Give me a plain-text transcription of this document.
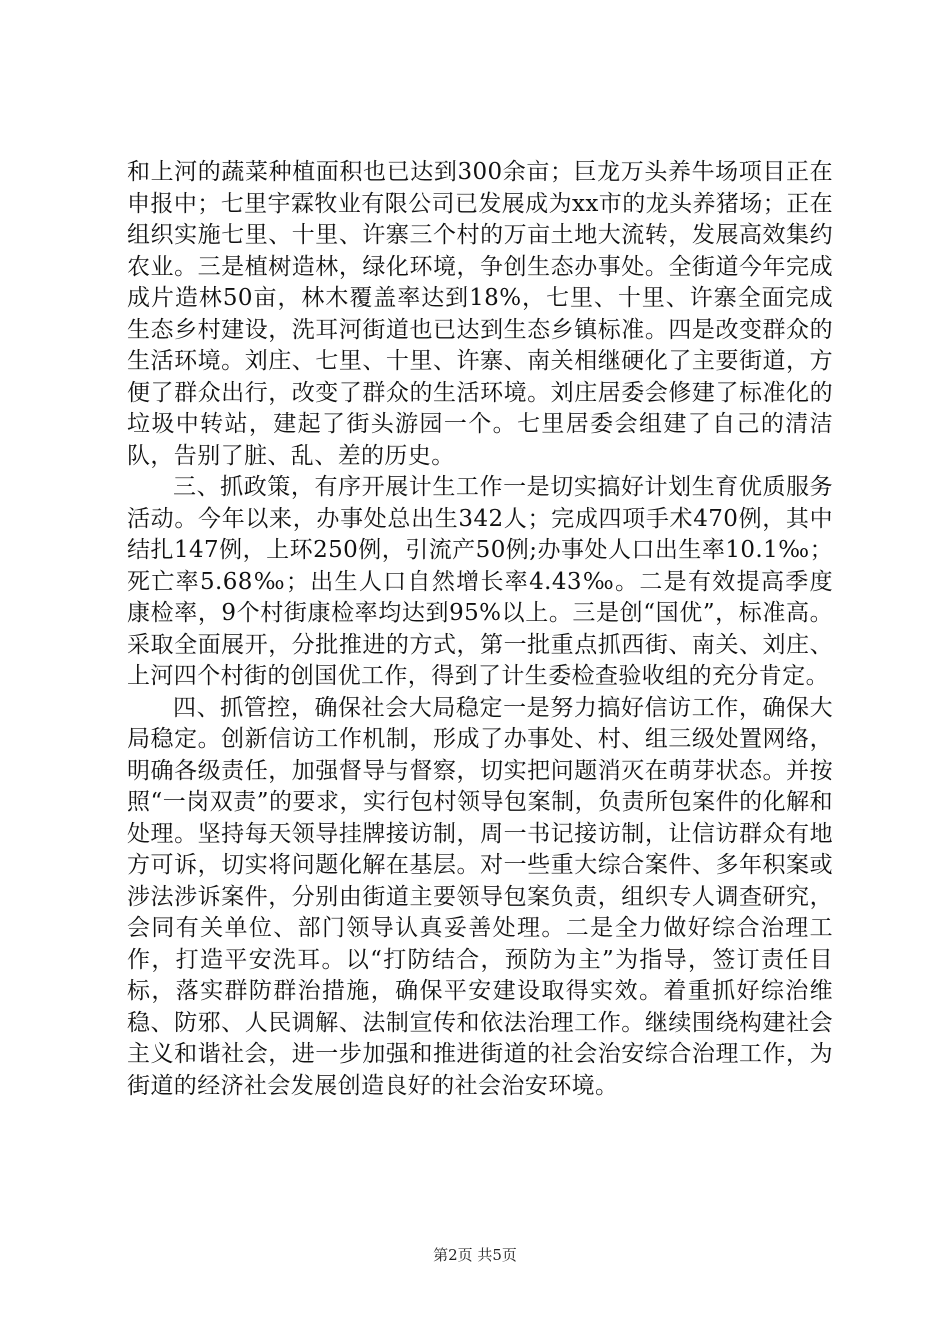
和上河的蔬菜种植面积也已达到300余亩；巨龙万头养牛场项目正在申报中；七里宇霖牧业有限公司已发展成为xx市的龙头养猪场；正在组织实施七里、十里、许寨三个村的万亩土地大流转，发展高效集约农业。三是植树造林，绿化环境，争创生态办事处。全街道今年完成成片造林50亩，林木覆盖率达到18%，七里、十里、许寨全面完成生态乡村建设，洗耳河街道也已达到生态乡镇标准。四是改变群众的生活环境。刘庄、七里、十里、许寨、南关相继硬化了主要街道，方便了群众出行，改变了群众的生活环境。刘庄居委会修建了标准化的垃圾中转站，建起了街头游园一个。七里居委会组建了自己的清洁队，告别了脏、乱、差的历史。

三、抓政策，有序开展计生工作一是切实搞好计划生育优质服务活动。今年以来，办事处总出生342人；完成四项手术470例，其中结扎147例，上环250例，引流产50例;办事处人口出生率10.1‰；死亡率5.68‰；出生人口自然增长率4.43‰。二是有效提高季度康检率，9个村街康检率均达到95%以上。三是创“国优”，标准高。采取全面展开，分批推进的方式，第一批重点抓西街、南关、刘庄、上河四个村街的创国优工作，得到了计生委检查验收组的充分肯定。

四、抓管控，确保社会大局稳定一是努力搞好信访工作，确保大局稳定。创新信访工作机制，形成了办事处、村、组三级处置网络，明确各级责任，加强督导与督察，切实把问题消灭在萌芽状态。并按照“一岗双责”的要求，实行包村领导包案制，负责所包案件的化解和处理。坚持每天领导挂牌接访制，周一书记接访制，让信访群众有地方可诉，切实将问题化解在基层。对一些重大综合案件、多年积案或涉法涉诉案件，分别由街道主要领导包案负责，组织专人调查研究，会同有关单位、部门领导认真妥善处理。二是全力做好综合治理工作，打造平安洗耳。以“打防结合，预防为主”为指导，签订责任目标，落实群防群治措施，确保平安建设取得实效。着重抓好综治维稳、防邪、人民调解、法制宣传和依法治理工作。继续围绕构建社会主义和谐社会，进一步加强和推进街道的社会治安综合治理工作，为街道的经济社会发展创造良好的社会治安环境。

第2页 共5页
